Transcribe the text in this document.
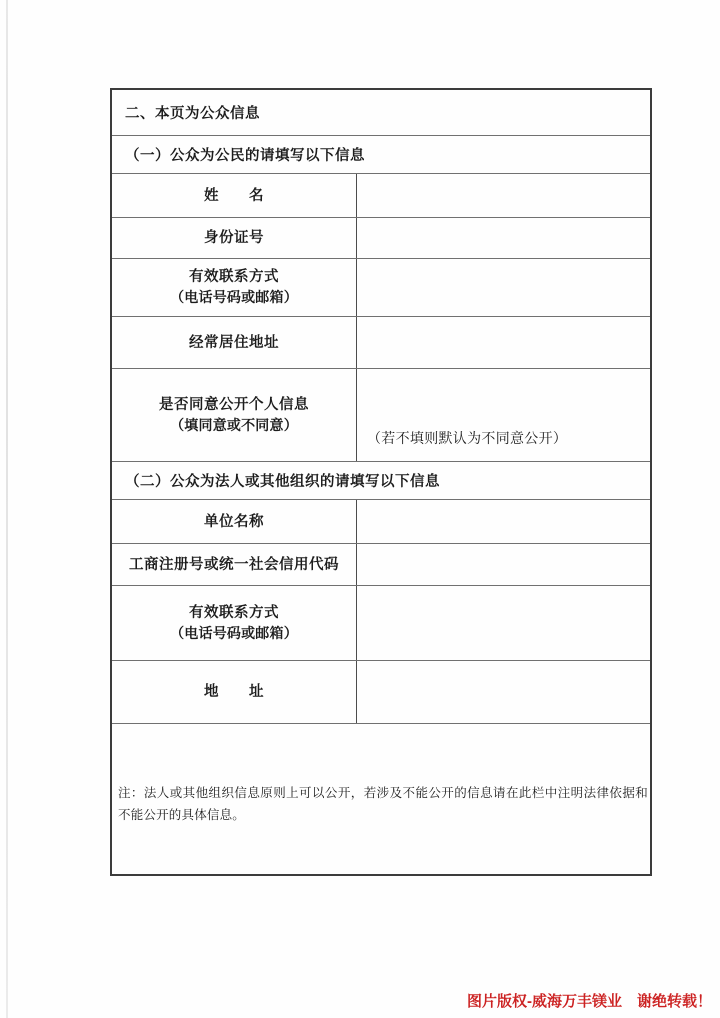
二、本页为公众信息
（一）公众为公民的请填写以下信息
姓　　名
身份证号
有效联系方式
（电话号码或邮箱）
经常居住地址
是否同意公开个人信息
（填同意或不同意）
（若不填则默认为不同意公开）
（二）公众为法人或其他组织的请填写以下信息
单位名称
工商注册号或统一社会信用代码
有效联系方式
（电话号码或邮箱）
地　　址
注：法人或其他组织信息原则上可以公开，若涉及不能公开的信息请在此栏中注明法律依据和不能公开的具体信息。
图片版权-威海万丰镁业　谢绝转载！
